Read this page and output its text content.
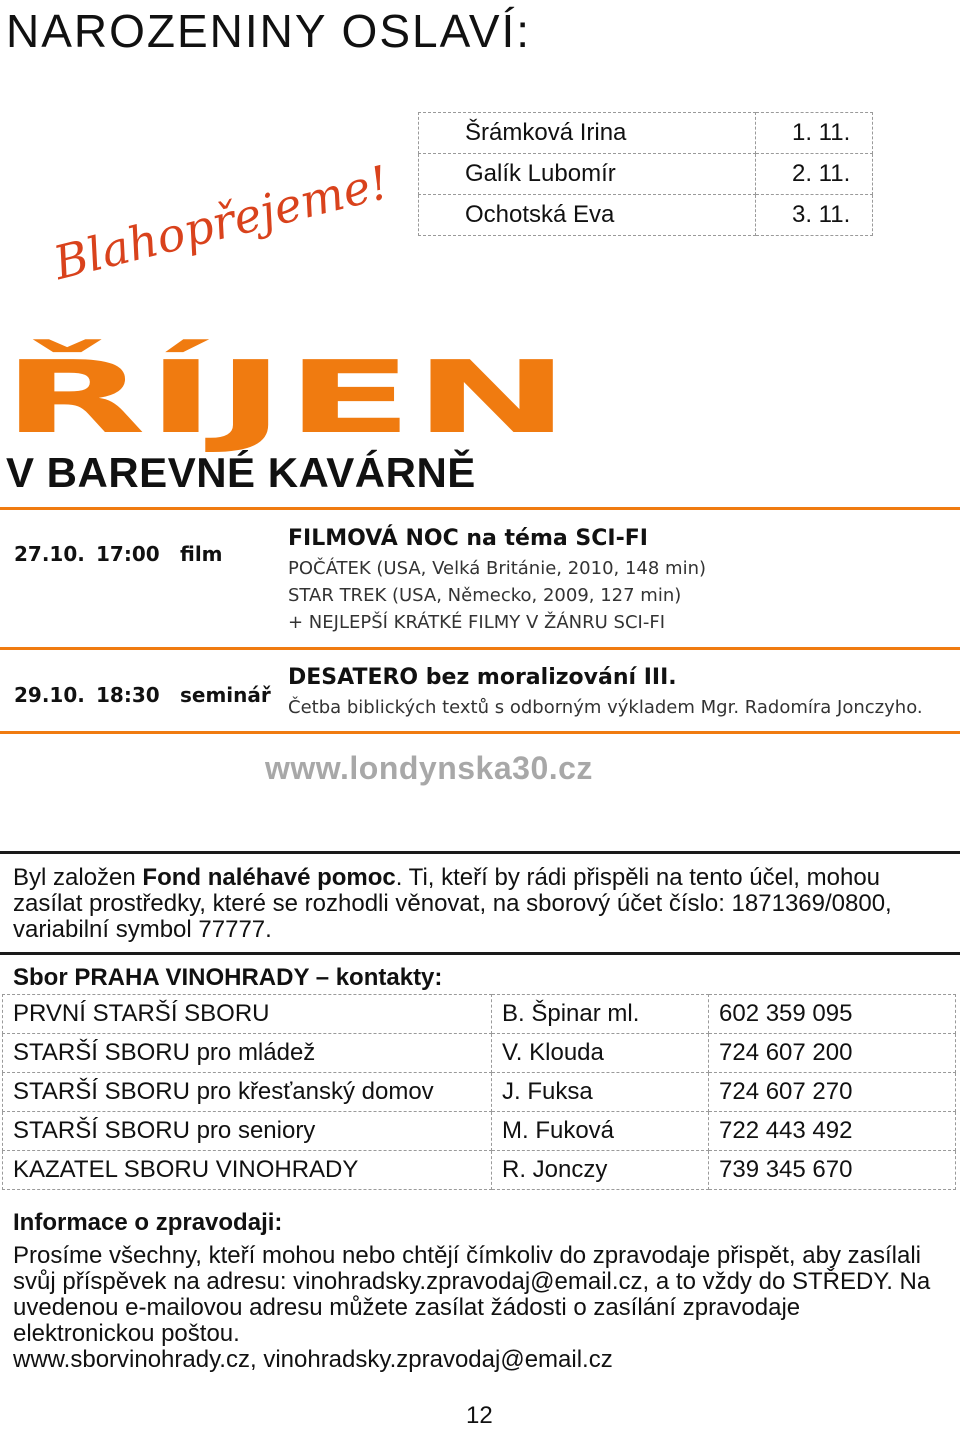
NAROZENINY OSLAVÍ:
Blahopřejeme!
Šrámková Irina	1. 11.
Galík Lubomír	2. 11.
Ochotská Eva	3. 11.
ŘÍJEN
V BAREVNÉ KAVÁRNĚ
27.10. 17:00 film
FILMOVÁ NOC na téma SCI-FI
POČÁTEK (USA, Velká Británie, 2010, 148 min)
STAR TREK (USA, Německo, 2009, 127 min)
+ NEJLEPŠÍ KRÁTKÉ FILMY V ŽÁNRU SCI-FI
29.10. 18:30 seminář
DESATERO bez moralizování III.
Četba biblických textů s odborným výkladem Mgr. Radomíra Jonczyho.
www.londynska30.cz
Byl založen Fond naléhavé pomoc. Ti, kteří by rádi přispěli na tento účel, mohou zasílat prostředky, které se rozhodli věnovat, na sborový účet číslo: 1871369/0800, variabilní symbol 77777.
Sbor PRAHA VINOHRADY – kontakty:
PRVNÍ STARŠÍ SBORU	B. Špinar ml.	602 359 095
STARŠÍ SBORU pro mládež	V. Klouda	724 607 200
STARŠÍ SBORU pro křesťanský domov	J. Fuksa	724 607 270
STARŠÍ SBORU pro seniory	M. Fuková	722 443 492
KAZATEL SBORU VINOHRADY	R. Jonczy	739 345 670
Informace o zpravodaji:
Prosíme všechny, kteří mohou nebo chtějí čímkoliv do zpravodaje přispět, aby zasílali svůj příspěvek na adresu: vinohradsky.zpravodaj@email.cz, a to vždy do STŘEDY. Na uvedenou e-mailovou adresu můžete zasílat žádosti o zasílání zpravodaje elektronickou poštou.
www.sborvinohrady.cz, vinohradsky.zpravodaj@email.cz
12
